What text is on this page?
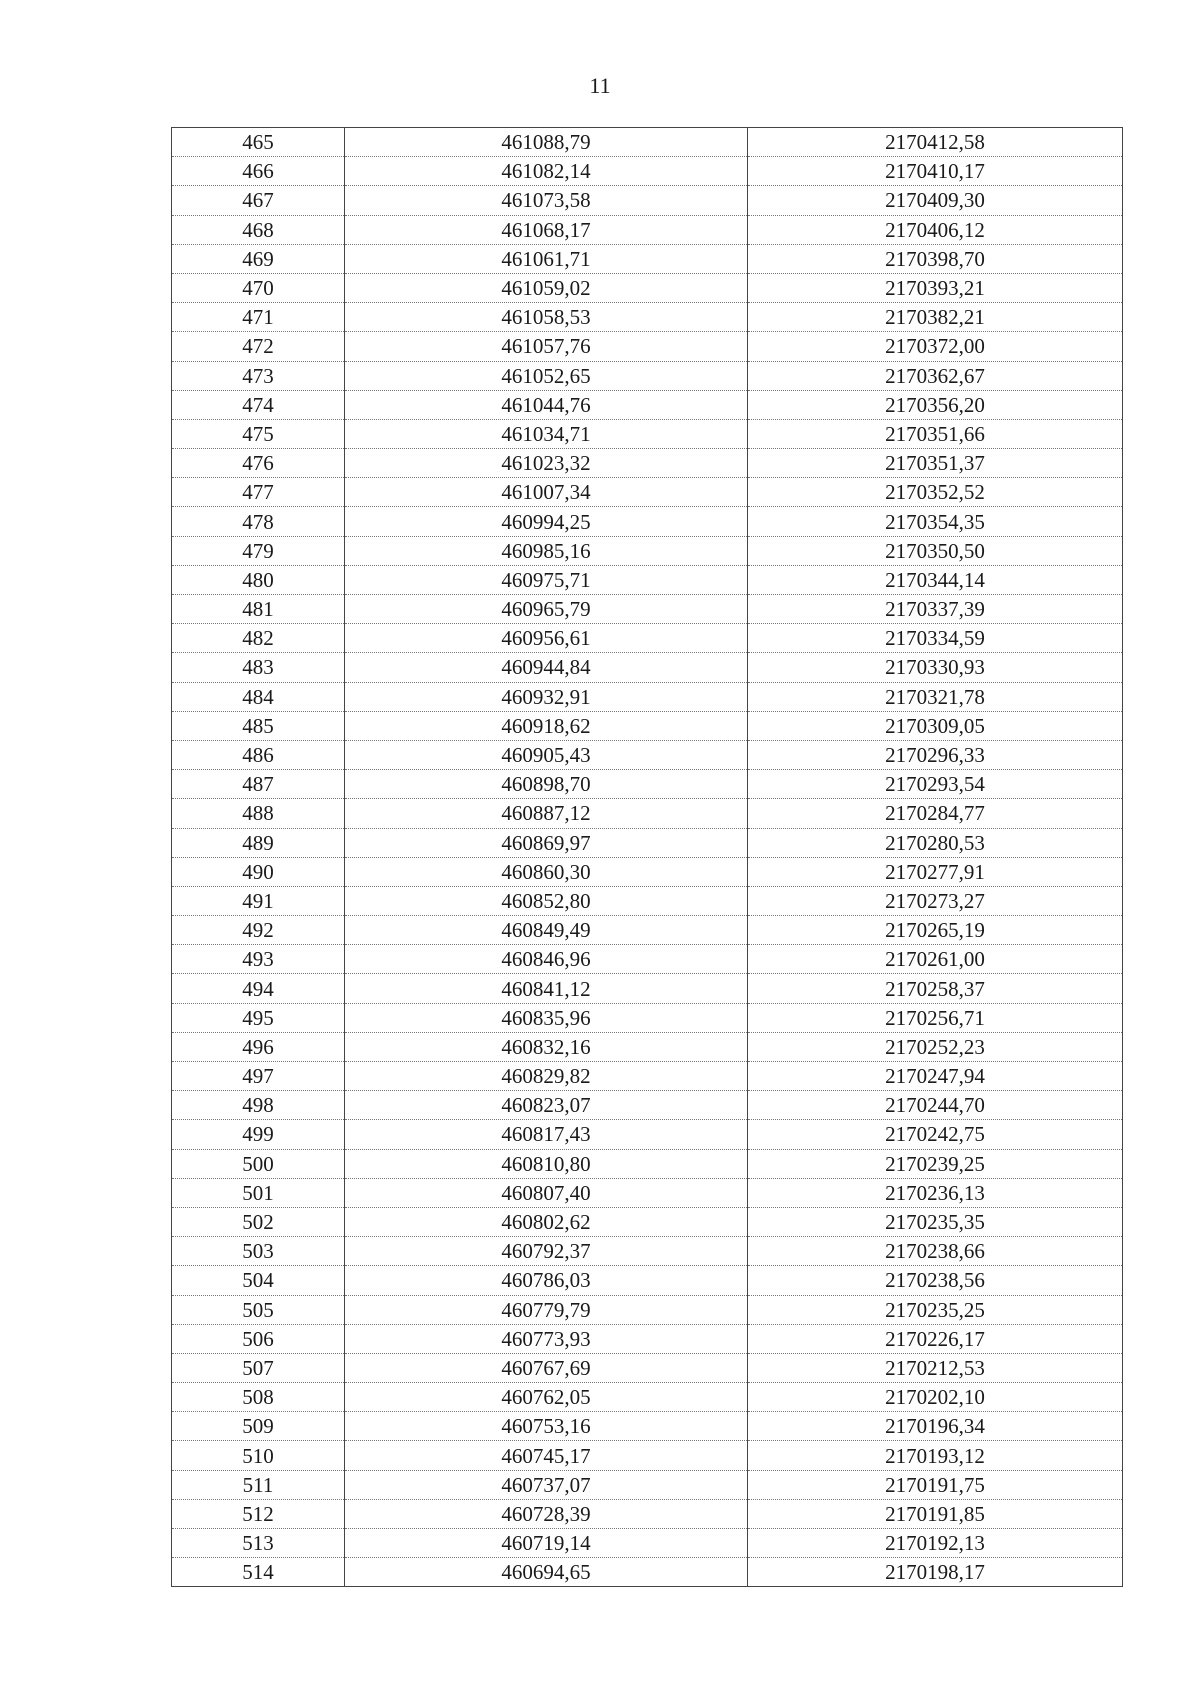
11
465	461088,79	2170412,58
466	461082,14	2170410,17
467	461073,58	2170409,30
468	461068,17	2170406,12
469	461061,71	2170398,70
470	461059,02	2170393,21
471	461058,53	2170382,21
472	461057,76	2170372,00
473	461052,65	2170362,67
474	461044,76	2170356,20
475	461034,71	2170351,66
476	461023,32	2170351,37
477	461007,34	2170352,52
478	460994,25	2170354,35
479	460985,16	2170350,50
480	460975,71	2170344,14
481	460965,79	2170337,39
482	460956,61	2170334,59
483	460944,84	2170330,93
484	460932,91	2170321,78
485	460918,62	2170309,05
486	460905,43	2170296,33
487	460898,70	2170293,54
488	460887,12	2170284,77
489	460869,97	2170280,53
490	460860,30	2170277,91
491	460852,80	2170273,27
492	460849,49	2170265,19
493	460846,96	2170261,00
494	460841,12	2170258,37
495	460835,96	2170256,71
496	460832,16	2170252,23
497	460829,82	2170247,94
498	460823,07	2170244,70
499	460817,43	2170242,75
500	460810,80	2170239,25
501	460807,40	2170236,13
502	460802,62	2170235,35
503	460792,37	2170238,66
504	460786,03	2170238,56
505	460779,79	2170235,25
506	460773,93	2170226,17
507	460767,69	2170212,53
508	460762,05	2170202,10
509	460753,16	2170196,34
510	460745,17	2170193,12
511	460737,07	2170191,75
512	460728,39	2170191,85
513	460719,14	2170192,13
514	460694,65	2170198,17
